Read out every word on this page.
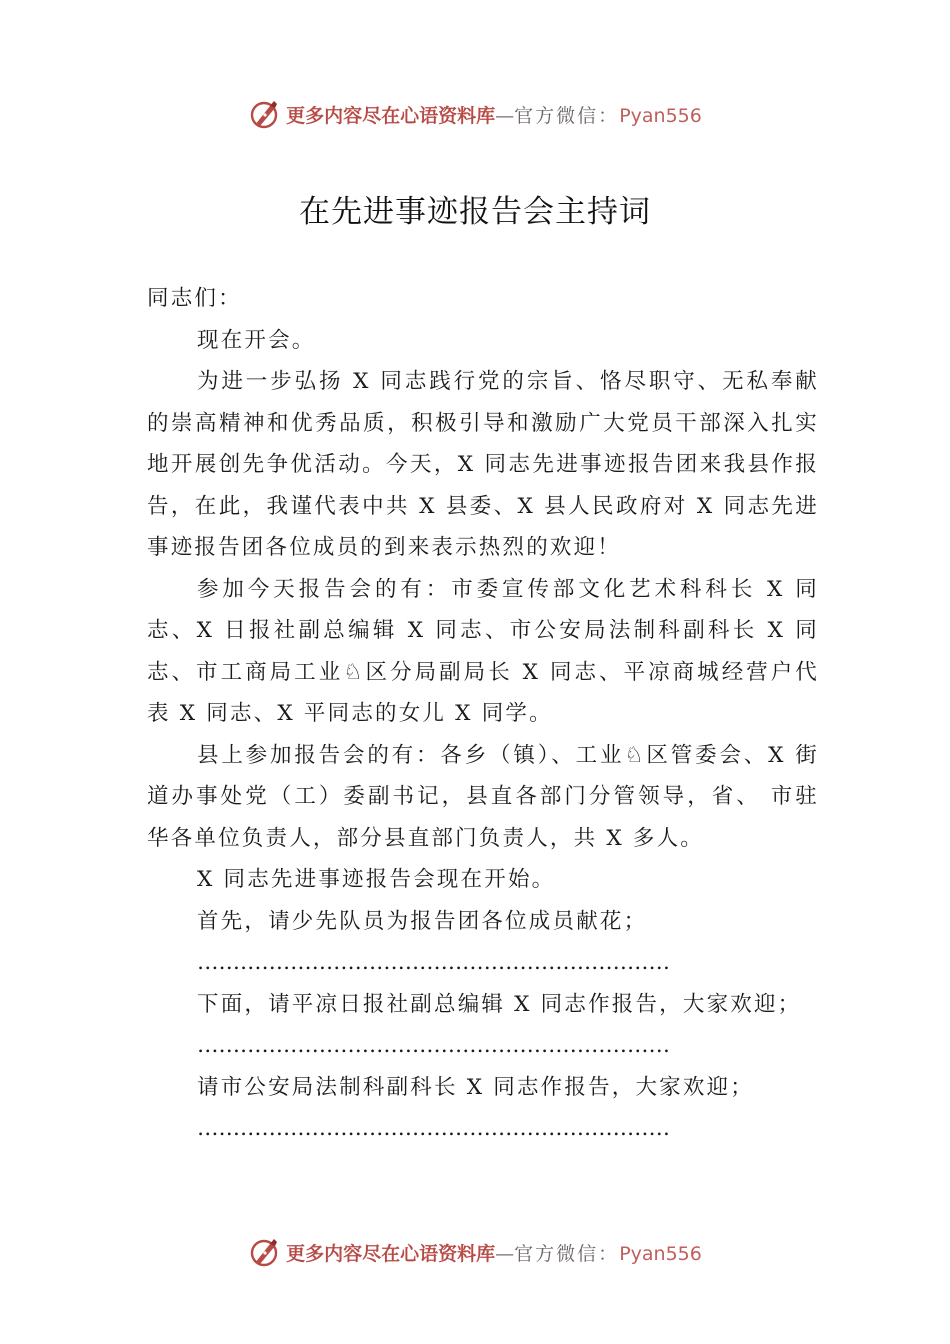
更多内容尽在心语资料库—官方微信：Pyan556
在先进事迹报告会主持词

同志们：

现在开会。

为进一步弘扬 X 同志践行党的宗旨、恪尽职守、无私奉献的崇高精神和优秀品质，积极引导和激励广大党员干部深入扎实地开展创先争优活动。今天，X 同志先进事迹报告团来我县作报告，在此，我谨代表中共 X 县委、X 县人民政府对 X 同志先进事迹报告团各位成员的到来表示热烈的欢迎！

参加今天报告会的有：市委宣传部文化艺术科科长 X 同志、X 日报社副总编辑 X 同志、市公安局法制科副科长 X 同志、市工商局工业♘区分局副局长 X 同志、平凉商城经营户代表 X 同志、X 平同志的女儿 X 同学。

县上参加报告会的有：各乡（镇）、工业♘区管委会、X 街道办事处党（工）委副书记，县直各部门分管领导，省、 市驻华各单位负责人，部分县直部门负责人，共 X 多人。

X 同志先进事迹报告会现在开始。

首先，请少先队员为报告团各位成员献花；

…………………………………………………………

下面，请平凉日报社副总编辑 X 同志作报告，大家欢迎；

…………………………………………………………

请市公安局法制科副科长 X 同志作报告，大家欢迎；

…………………………………………………………

更多内容尽在心语资料库—官方微信：Pyan556
